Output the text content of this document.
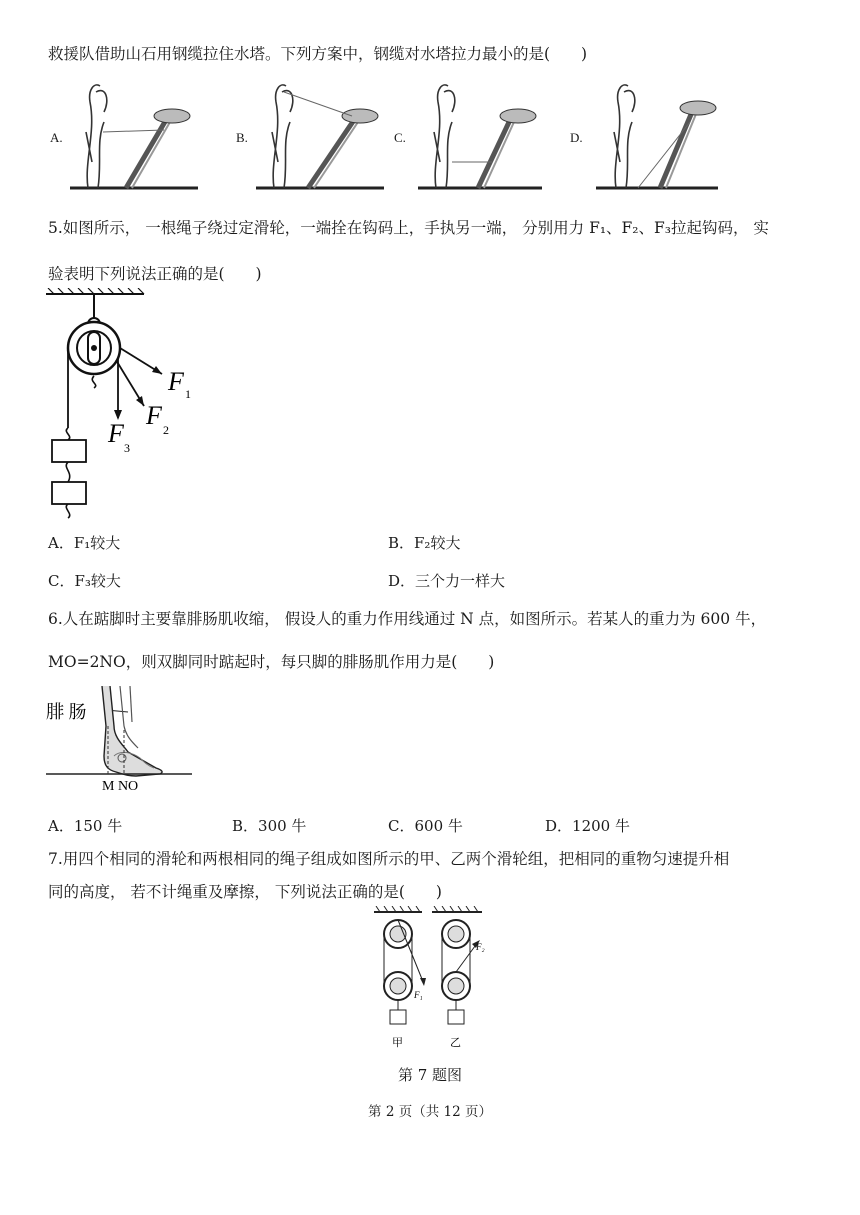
救援队借助山石用钢缆拉住水塔。下列方案中，钢缆对水塔拉力最小的是(　　)
A.	B.	C.	D.
5.如图所示， 一根绳子绕过定滑轮，一端拴在钩码上，手执另一端， 分别用力 F₁、F₂、F₃拉起钩码， 实
验表明下列说法正确的是(　　)
F 1
F 2
F 3
A．F₁较大	B．F₂较大
C．F₃较大	D．三个力一样大
6.人在踮脚时主要靠腓肠肌收缩， 假设人的重力作用线通过 N 点，如图所示。若某人的重力为 600 牛，
MO=2NO，则双脚同时踮起时，每只脚的腓肠肌作用力是(　　)
腓 肠
M NO
A．150 牛	B．300 牛	C．600 牛	D．1200 牛
7.用四个相同的滑轮和两根相同的绳子组成如图所示的甲、乙两个滑轮组，把相同的重物匀速提升相
同的高度， 若不计绳重及摩擦， 下列说法正确的是(　　)
F₁
甲
F₂
乙
第 7 题图
第 2 页（共 12 页）
